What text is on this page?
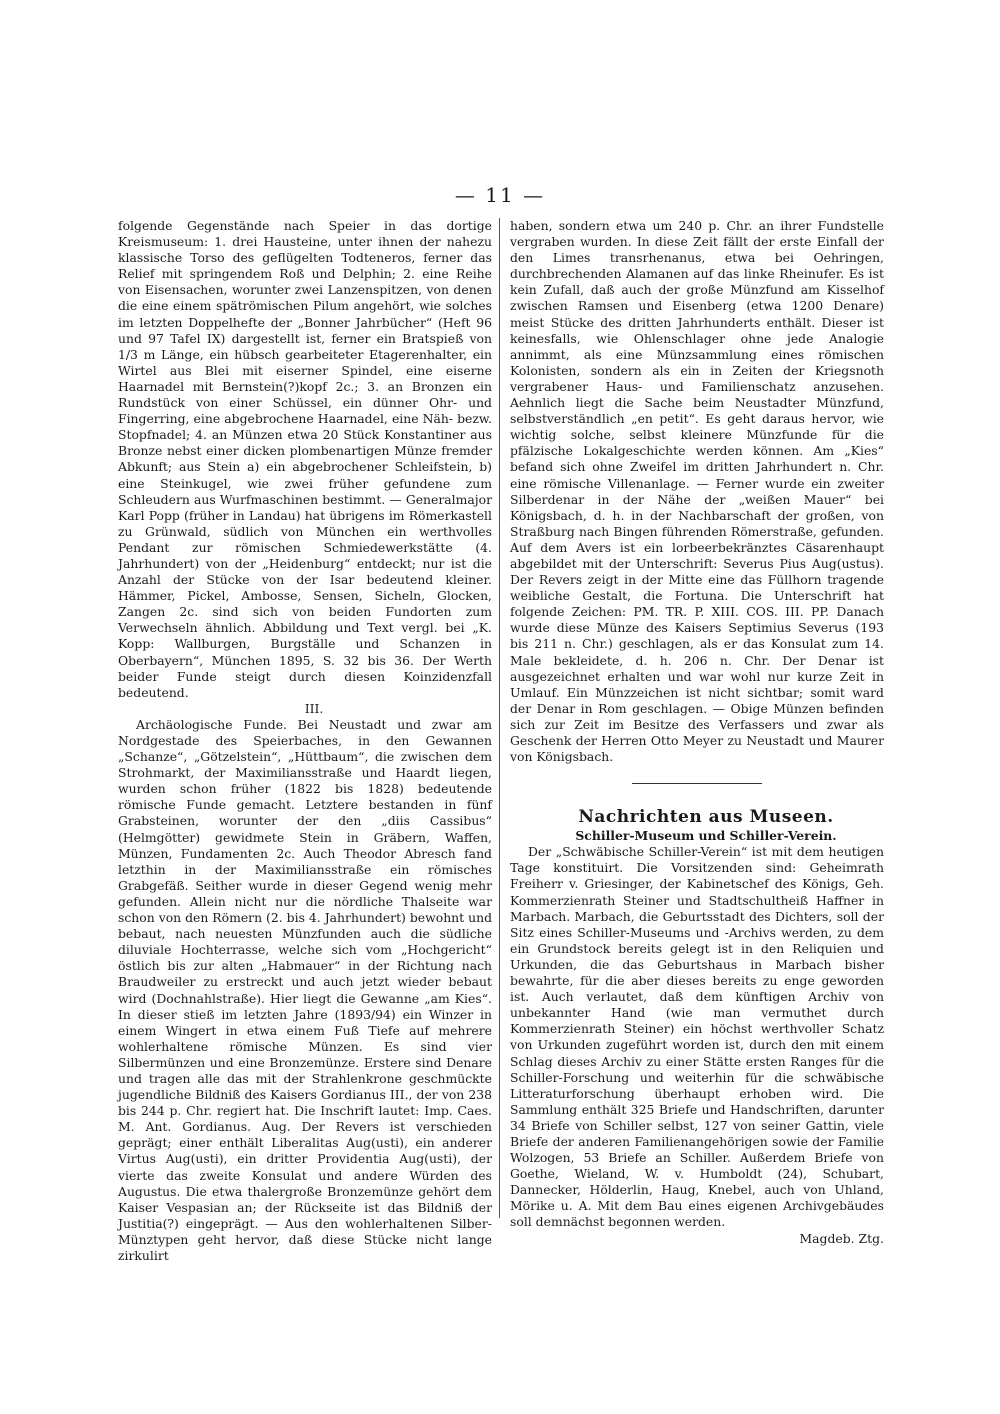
— 11 —

folgende Gegenstände nach Speier in das dortige Kreismuseum: 1. drei Hausteine, unter ihnen der nahezu klassische Torso des geflügelten Todteneros, ferner das Relief mit springendem Roß und Delphin; 2. eine Reihe von Eisensachen, worunter zwei Lanzenspitzen, von denen die eine einem spätrömischen Pilum angehört, wie solches im letzten Doppelhefte der „Bonner Jahrbücher“ (Heft 96 und 97 Tafel IX) dargestellt ist, ferner ein Bratspieß von 1/3 m Länge, ein hübsch gearbeiteter Etagerenhalter, ein Wirtel aus Blei mit eiserner Spindel, eine eiserne Haarnadel mit Bernstein(?)kopf 2c.; 3. an Bronzen ein Rundstück von einer Schüssel, ein dünner Ohr- und Fingerring, eine abgebrochene Haarnadel, eine Näh- bezw. Stopfnadel; 4. an Münzen etwa 20 Stück Konstantiner aus Bronze nebst einer dicken plombenartigen Münze fremder Abkunft; aus Stein a) ein abgebrochener Schleifstein, b) eine Steinkugel, wie zwei früher gefundene zum Schleudern aus Wurfmaschinen bestimmt. — Generalmajor Karl Popp (früher in Landau) hat übrigens im Römerkastell zu Grünwald, südlich von München ein werthvolles Pendant zur römischen Schmiedewerkstätte (4. Jahrhundert) von der „Heidenburg“ entdeckt; nur ist die Anzahl der Stücke von der Isar bedeutend kleiner. Hämmer, Pickel, Ambosse, Sensen, Sicheln, Glocken, Zangen 2c. sind sich von beiden Fundorten zum Verwechseln ähnlich. Abbildung und Text vergl. bei „K. Kopp: Wallburgen, Burgställe und Schanzen in Oberbayern“, München 1895, S. 32 bis 36. Der Werth beider Funde steigt durch diesen Koinzidenzfall bedeutend.

III.

Archäologische Funde. Bei Neustadt und zwar am Nordgestade des Speierbaches, in den Gewannen „Schanze“, „Götzelstein“, „Hüttbaum“, die zwischen dem Strohmarkt, der Maximiliansstraße und Haardt liegen, wurden schon früher (1822 bis 1828) bedeutende römische Funde gemacht. Letztere bestanden in fünf Grabsteinen, worunter der den „diis Cassibus“ (Helmgötter) gewidmete Stein in Gräbern, Waffen, Münzen, Fundamenten 2c. Auch Theodor Abresch fand letzthin in der Maximiliansstraße ein römisches Grabgefäß. Seither wurde in dieser Gegend wenig mehr gefunden. Allein nicht nur die nördliche Thalseite war schon von den Römern (2. bis 4. Jahrhundert) bewohnt und bebaut, nach neuesten Münzfunden auch die südliche diluviale Hochterrasse, welche sich vom „Hochgericht“ östlich bis zur alten „Habmauer“ in der Richtung nach Braudweiler zu erstreckt und auch jetzt wieder bebaut wird (Dochnahlstraße). Hier liegt die Gewanne „am Kies“. In dieser stieß im letzten Jahre (1893/94) ein Winzer in einem Wingert in etwa einem Fuß Tiefe auf mehrere wohlerhaltene römische Münzen. Es sind vier Silbermünzen und eine Bronzemünze. Erstere sind Denare und tragen alle das mit der Strahlenkrone geschmückte jugendliche Bildniß des Kaisers Gordianus III., der von 238 bis 244 p. Chr. regiert hat. Die Inschrift lautet: Imp. Caes. M. Ant. Gordianus. Aug. Der Revers ist verschieden geprägt; einer enthält Liberalitas Aug(usti), ein anderer Virtus Aug(usti), ein dritter Providentia Aug(usti), der vierte das zweite Konsulat und andere Würden des Augustus. Die etwa thalergroße Bronzemünze gehört dem Kaiser Vespasian an; der Rückseite ist das Bildniß der Justitia(?) eingeprägt. — Aus den wohlerhaltenen Silber-Münztypen geht hervor, daß diese Stücke nicht lange zirkulirt

haben, sondern etwa um 240 p. Chr. an ihrer Fundstelle vergraben wurden. In diese Zeit fällt der erste Einfall der den Limes transrhenanus, etwa bei Oehringen, durchbrechenden Alamanen auf das linke Rheinufer. Es ist kein Zufall, daß auch der große Münzfund am Kisselhof zwischen Ramsen und Eisenberg (etwa 1200 Denare) meist Stücke des dritten Jahrhunderts enthält. Dieser ist keinesfalls, wie Ohlenschlager ohne jede Analogie annimmt, als eine Münzsammlung eines römischen Kolonisten, sondern als ein in Zeiten der Kriegsnoth vergrabener Haus- und Familienschatz anzusehen. Aehnlich liegt die Sache beim Neustadter Münzfund, selbstverständlich „en petit“. Es geht daraus hervor, wie wichtig solche, selbst kleinere Münzfunde für die pfälzische Lokalgeschichte werden können. Am „Kies“ befand sich ohne Zweifel im dritten Jahrhundert n. Chr. eine römische Villenanlage. — Ferner wurde ein zweiter Silberdenar in der Nähe der „weißen Mauer“ bei Königsbach, d. h. in der Nachbarschaft der großen, von Straßburg nach Bingen führenden Römerstraße, gefunden. Auf dem Avers ist ein lorbeerbekränztes Cäsarenhaupt abgebildet mit der Unterschrift: Severus Pius Aug(ustus). Der Revers zeigt in der Mitte eine das Füllhorn tragende weibliche Gestalt, die Fortuna. Die Unterschrift hat folgende Zeichen: PM. TR. P. XIII. COS. III. PP. Danach wurde diese Münze des Kaisers Septimius Severus (193 bis 211 n. Chr.) geschlagen, als er das Konsulat zum 14. Male bekleidete, d. h. 206 n. Chr. Der Denar ist ausgezeichnet erhalten und war wohl nur kurze Zeit in Umlauf. Ein Münzzeichen ist nicht sichtbar; somit ward der Denar in Rom geschlagen. — Obige Münzen befinden sich zur Zeit im Besitze des Verfassers und zwar als Geschenk der Herren Otto Meyer zu Neustadt und Maurer von Königsbach.

Nachrichten aus Museen.

Schiller-Museum und Schiller-Verein.

Der „Schwäbische Schiller-Verein“ ist mit dem heutigen Tage konstituirt. Die Vorsitzenden sind: Geheimrath Freiherr v. Griesinger, der Kabinetschef des Königs, Geh. Kommerzienrath Steiner und Stadtschultheiß Haffner in Marbach. Marbach, die Geburtsstadt des Dichters, soll der Sitz eines Schiller-Museums und -Archivs werden, zu dem ein Grundstock bereits gelegt ist in den Reliquien und Urkunden, die das Geburtshaus in Marbach bisher bewahrte, für die aber dieses bereits zu enge geworden ist. Auch verlautet, daß dem künftigen Archiv von unbekannter Hand (wie man vermuthet durch Kommerzienrath Steiner) ein höchst werthvoller Schatz von Urkunden zugeführt worden ist, durch den mit einem Schlag dieses Archiv zu einer Stätte ersten Ranges für die Schiller-Forschung und weiterhin für die schwäbische Litteraturforschung überhaupt erhoben wird. Die Sammlung enthält 325 Briefe und Handschriften, darunter 34 Briefe von Schiller selbst, 127 von seiner Gattin, viele Briefe der anderen Familienangehörigen sowie der Familie Wolzogen, 53 Briefe an Schiller. Außerdem Briefe von Goethe, Wieland, W. v. Humboldt (24), Schubart, Dannecker, Hölderlin, Haug, Knebel, auch von Uhland, Mörike u. A. Mit dem Bau eines eigenen Archivgebäudes soll demnächst begonnen werden.

Magdeb. Ztg.
